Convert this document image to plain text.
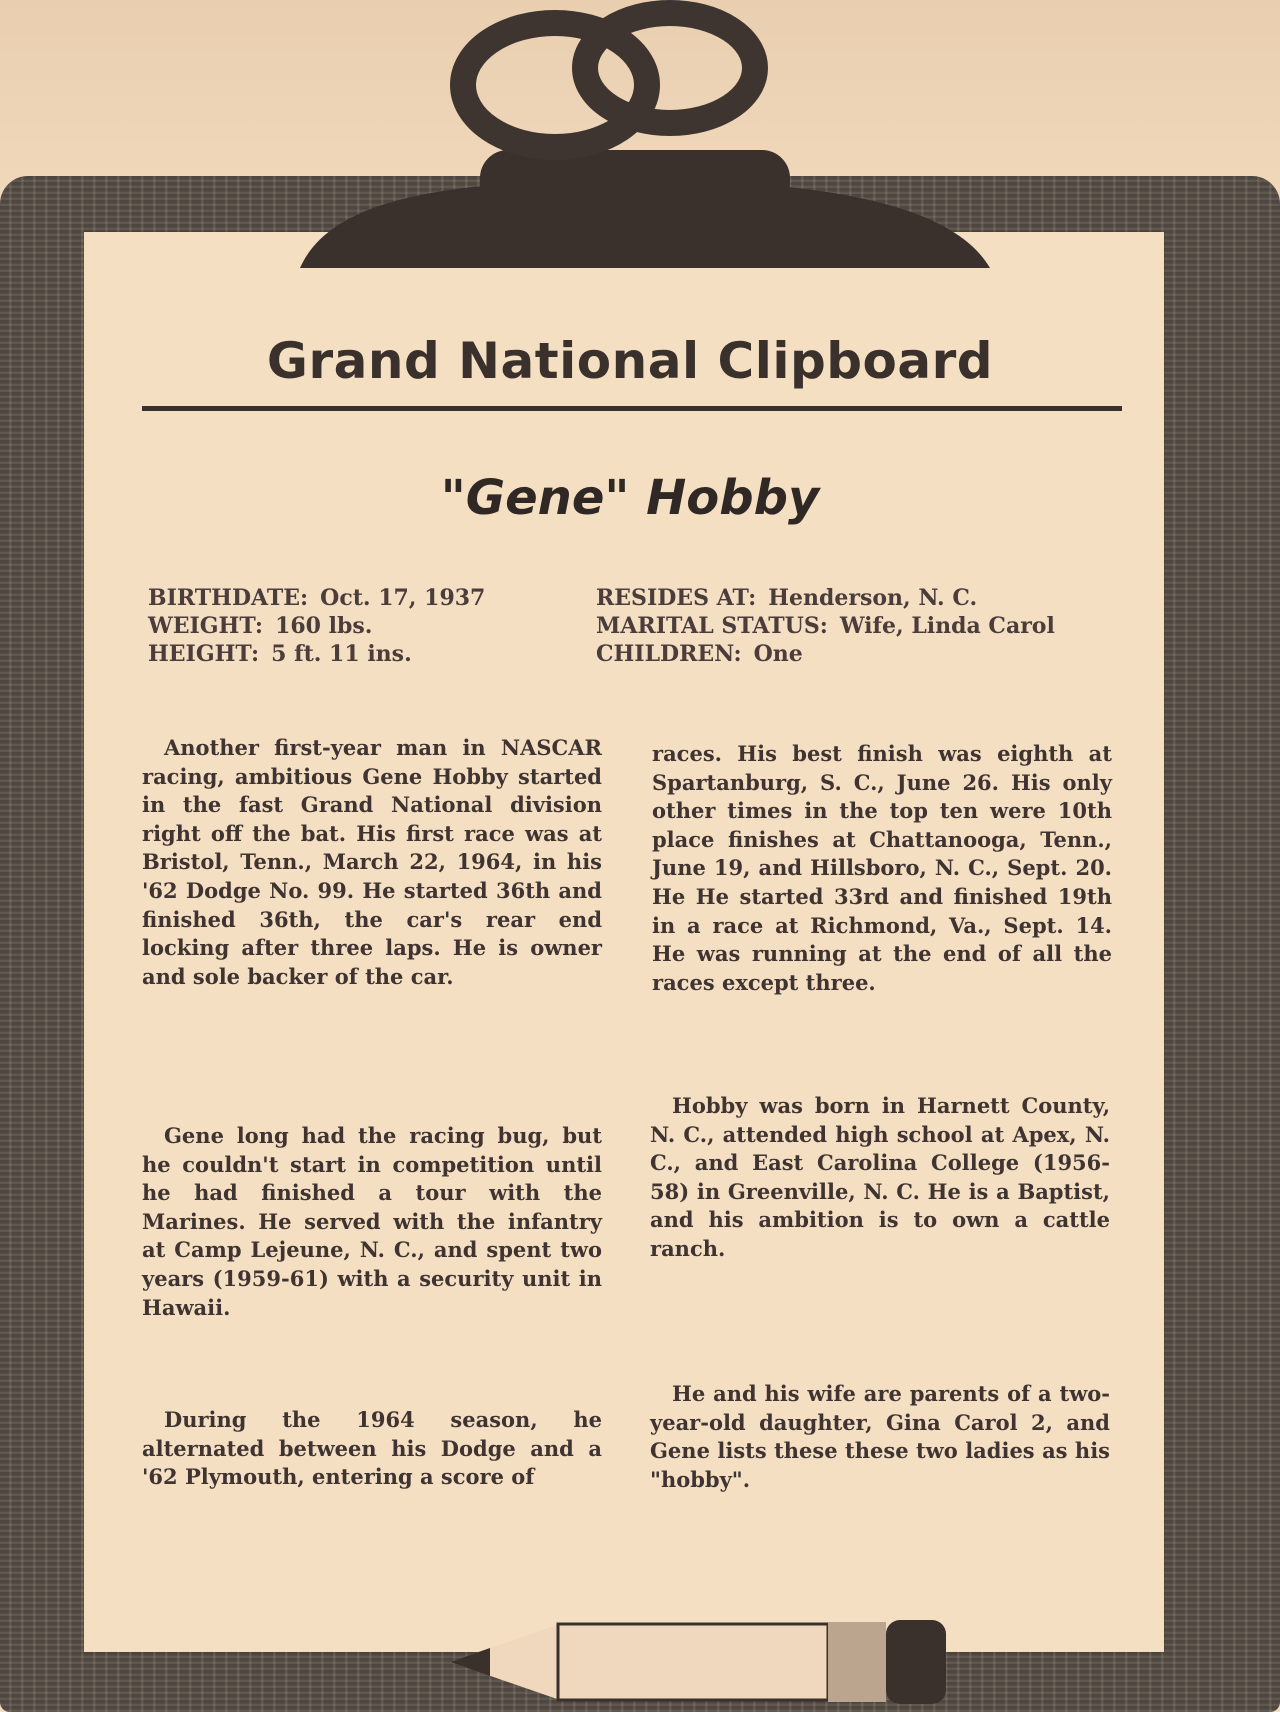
Grand National Clipboard
"Gene" Hobby
BIRTHDATE: Oct. 17, 1937
WEIGHT: 160 lbs.
HEIGHT: 5 ft. 11 ins.
RESIDES AT: Henderson, N. C.
MARITAL STATUS: Wife, Linda Carol
CHILDREN: One
Another first-year man in NASCAR racing, ambitious Gene Hobby started in the fast Grand National division right off the bat. His first race was at Bristol, Tenn., March 22, 1964, in his '62 Dodge No. 99. He started 36th and finished 36th, the car's rear end locking after three laps. He is owner and sole backer of the car.
races. His best finish was eighth at Spartanburg, S. C., June 26. His only other times in the top ten were 10th place finishes at Chattanooga, Tenn., June 19, and Hillsboro, N. C., Sept. 20. He He started 33rd and finished 19th in a race at Richmond, Va., Sept. 14. He was running at the end of all the races except three.
Gene long had the racing bug, but he couldn't start in competition until he had finished a tour with the Marines. He served with the infantry at Camp Lejeune, N. C., and spent two years (1959-61) with a security unit in Hawaii.
Hobby was born in Harnett County, N. C., attended high school at Apex, N. C., and East Carolina College (1956-58) in Greenville, N. C. He is a Baptist, and his ambition is to own a cattle ranch.
During the 1964 season, he alternated between his Dodge and a '62 Plymouth, entering a score of
He and his wife are parents of a two-year-old daughter, Gina Carol 2, and Gene lists these these two ladies as his "hobby".
